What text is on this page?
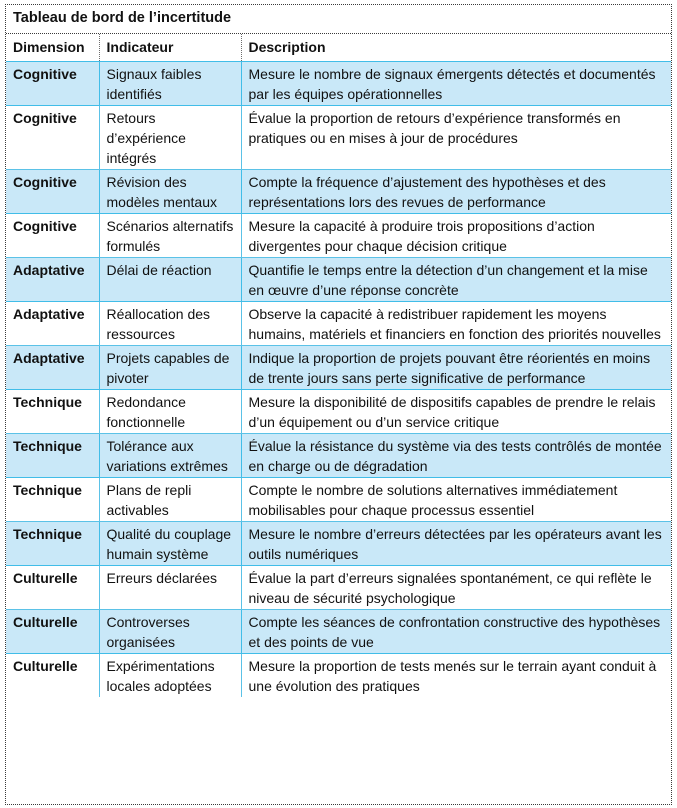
Tableau de bord de l’incertitude
Dimension	Indicateur	Description
Cognitive	Signaux faibles identifiés	Mesure le nombre de signaux émergents détectés et documentés par les équipes opérationnelles
Cognitive	Retours d’expérience intégrés	Évalue la proportion de retours d’expérience transformés en pratiques ou en mises à jour de procédures
Cognitive	Révision des modèles mentaux	Compte la fréquence d’ajustement des hypothèses et des représentations lors des revues de performance
Cognitive	Scénarios alternatifs formulés	Mesure la capacité à produire trois propositions d’action divergentes pour chaque décision critique
Adaptative	Délai de réaction	Quantifie le temps entre la détection d’un changement et la mise en œuvre d’une réponse concrète
Adaptative	Réallocation des ressources	Observe la capacité à redistribuer rapidement les moyens humains, matériels et financiers en fonction des priorités nouvelles
Adaptative	Projets capables de pivoter	Indique la proportion de projets pouvant être réorientés en moins de trente jours sans perte significative de performance
Technique	Redondance fonctionnelle	Mesure la disponibilité de dispositifs capables de prendre le relais d’un équipement ou d’un service critique
Technique	Tolérance aux variations extrêmes	Évalue la résistance du système via des tests contrôlés de montée en charge ou de dégradation
Technique	Plans de repli activables	Compte le nombre de solutions alternatives immédiatement mobilisables pour chaque processus essentiel
Technique	Qualité du couplage humain système	Mesure le nombre d’erreurs détectées par les opérateurs avant les outils numériques
Culturelle	Erreurs déclarées	Évalue la part d’erreurs signalées spontanément, ce qui reflète le niveau de sécurité psychologique
Culturelle	Controverses organisées	Compte les séances de confrontation constructive des hypothèses et des points de vue
Culturelle	Expérimentations locales adoptées	Mesure la proportion de tests menés sur le terrain ayant conduit à une évolution des pratiques
